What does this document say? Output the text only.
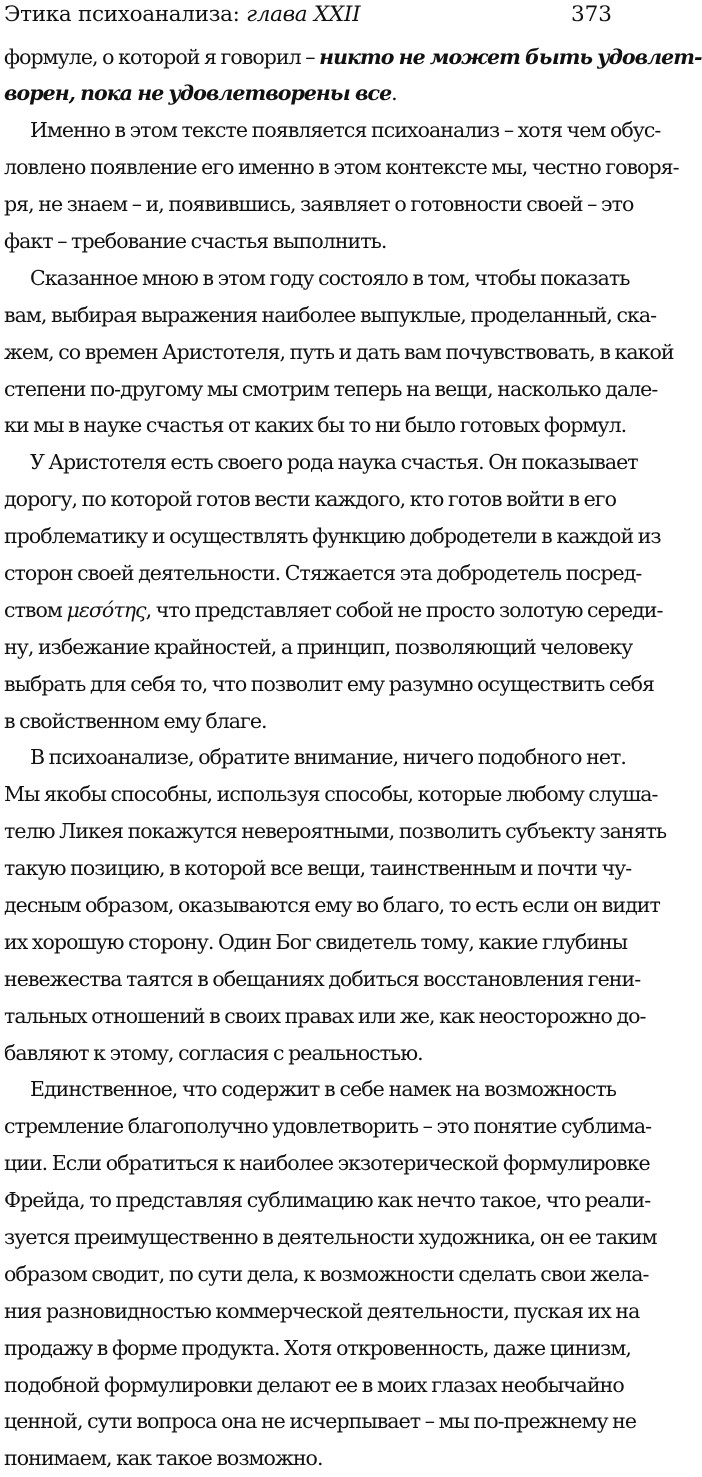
Этика психоанализа: глава XXII	373
формуле, о которой я говорил – никто не может быть удовлет-
ворен, пока не удовлетворены все.
Именно в этом тексте появляется психоанализ – хотя чем обус-
ловлено появление его именно в этом контексте мы, честно говоря-
ря, не знаем – и, появившись, заявляет о готовности своей – это
факт – требование счастья выполнить.
Сказанное мною в этом году состояло в том, чтобы показать
вам, выбирая выражения наиболее выпуклые, проделанный, ска-
жем, со времен Аристотеля, путь и дать вам почувствовать, в какой
степени по-другому мы смотрим теперь на вещи, насколько дале-
ки мы в науке счастья от каких бы то ни было готовых формул.
У Аристотеля есть своего рода наука счастья. Он показывает
дорогу, по которой готов вести каждого, кто готов войти в его
проблематику и осуществлять функцию добродетели в каждой из
сторон своей деятельности. Стяжается эта добродетель посред-
ством μεσότης, что представляет собой не просто золотую середи-
ну, избежание крайностей, а принцип, позволяющий человеку
выбрать для себя то, что позволит ему разумно осуществить себя
в свойственном ему благе.
В психоанализе, обратите внимание, ничего подобного нет.
Мы якобы способны, используя способы, которые любому слуша-
телю Ликея покажутся невероятными, позволить субъекту занять
такую позицию, в которой все вещи, таинственным и почти чу-
десным образом, оказываются ему во благо, то есть если он видит
их хорошую сторону. Один Бог свидетель тому, какие глубины
невежества таятся в обещаниях добиться восстановления гени-
тальных отношений в своих правах или же, как неосторожно до-
бавляют к этому, согласия с реальностью.
Единственное, что содержит в себе намек на возможность
стремление благополучно удовлетворить – это понятие сублима-
ции. Если обратиться к наиболее экзотерической формулировке
Фрейда, то представляя сублимацию как нечто такое, что реали-
зуется преимущественно в деятельности художника, он ее таким
образом сводит, по сути дела, к возможности сделать свои жела-
ния разновидностью коммерческой деятельности, пуская их на
продажу в форме продукта. Хотя откровенность, даже цинизм,
подобной формулировки делают ее в моих глазах необычайно
ценной, сути вопроса она не исчерпывает – мы по-прежнему не
понимаем, как такое возможно.
